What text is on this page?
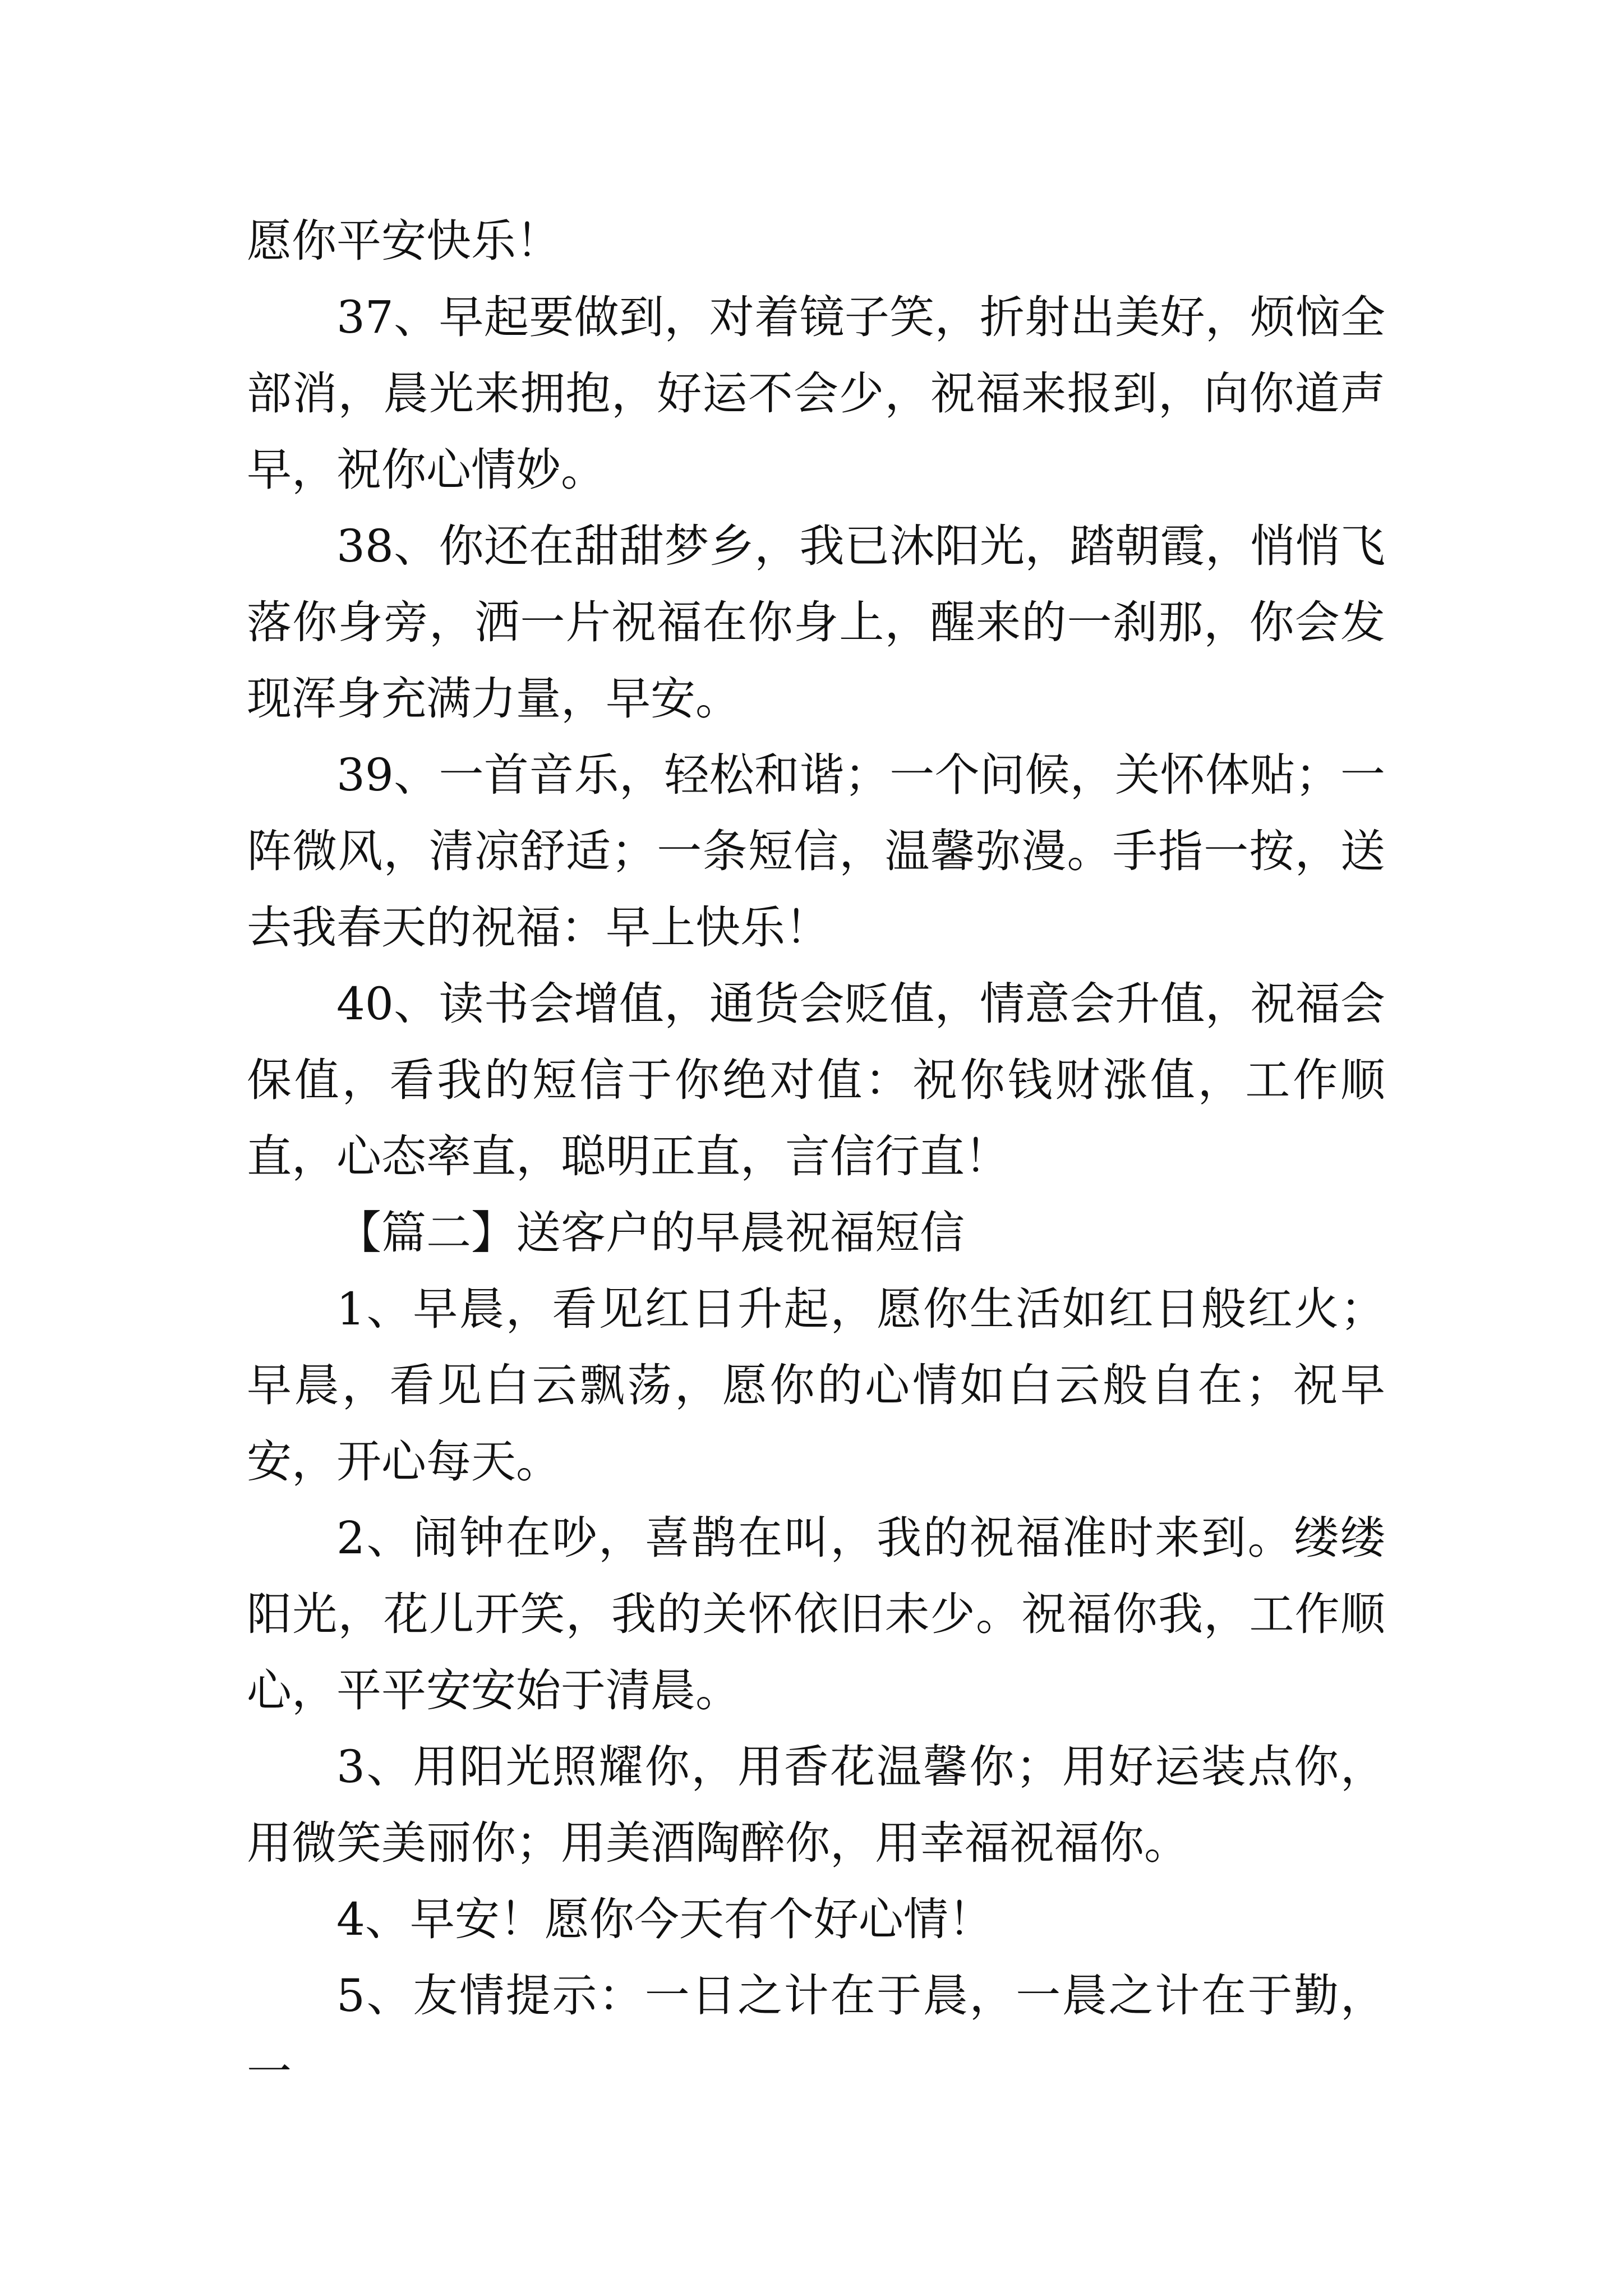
愿你平安快乐！

37、早起要做到，对着镜子笑，折射出美好，烦恼全部消，晨光来拥抱，好运不会少，祝福来报到，向你道声早，祝你心情妙。

38、你还在甜甜梦乡，我已沐阳光，踏朝霞，悄悄飞落你身旁，洒一片祝福在你身上，醒来的一刹那，你会发现浑身充满力量，早安。

39、一首音乐，轻松和谐；一个问候，关怀体贴；一阵微风，清凉舒适；一条短信，温馨弥漫。手指一按，送去我春天的祝福：早上快乐！

40、读书会增值，通货会贬值，情意会升值，祝福会保值，看我的短信于你绝对值：祝你钱财涨值，工作顺直，心态率直，聪明正直，言信行直！

【篇二】送客户的早晨祝福短信

1、早晨，看见红日升起，愿你生活如红日般红火；早晨，看见白云飘荡，愿你的心情如白云般自在；祝早安，开心每天。

2、闹钟在吵，喜鹊在叫，我的祝福准时来到。缕缕阳光，花儿开笑，我的关怀依旧未少。祝福你我，工作顺心，平平安安始于清晨。

3、用阳光照耀你，用香花温馨你；用好运装点你，用微笑美丽你；用美酒陶醉你，用幸福祝福你。

4、早安！愿你今天有个好心情！

5、友情提示：一日之计在于晨，一晨之计在于勤，一
